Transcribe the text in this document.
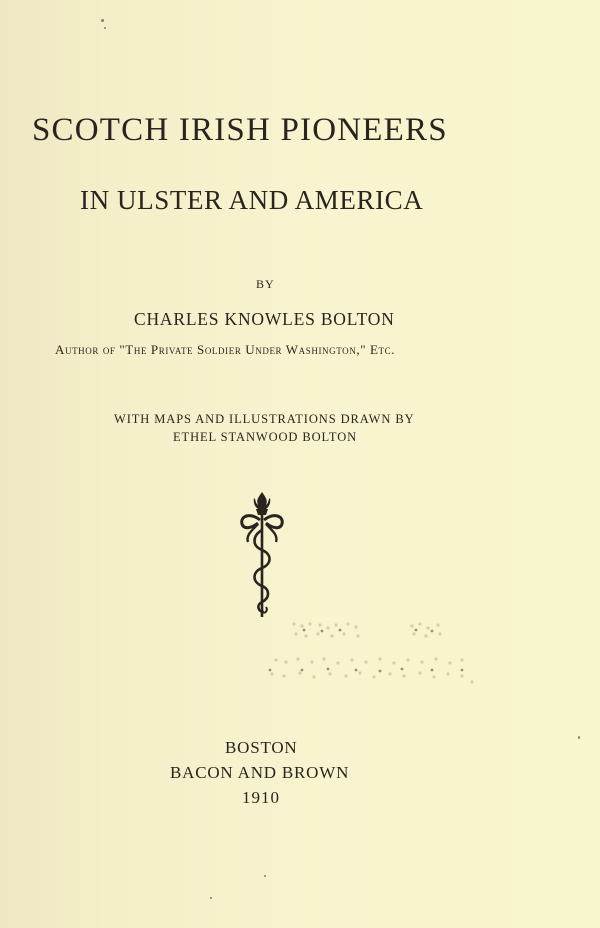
SCOTCH IRISH PIONEERS
IN ULSTER AND AMERICA
BY
CHARLES KNOWLES BOLTON
Author of "The Private Soldier Under Washington," Etc.
WITH MAPS AND ILLUSTRATIONS DRAWN BY
ETHEL STANWOOD BOLTON
BOSTON
BACON AND BROWN
1910
